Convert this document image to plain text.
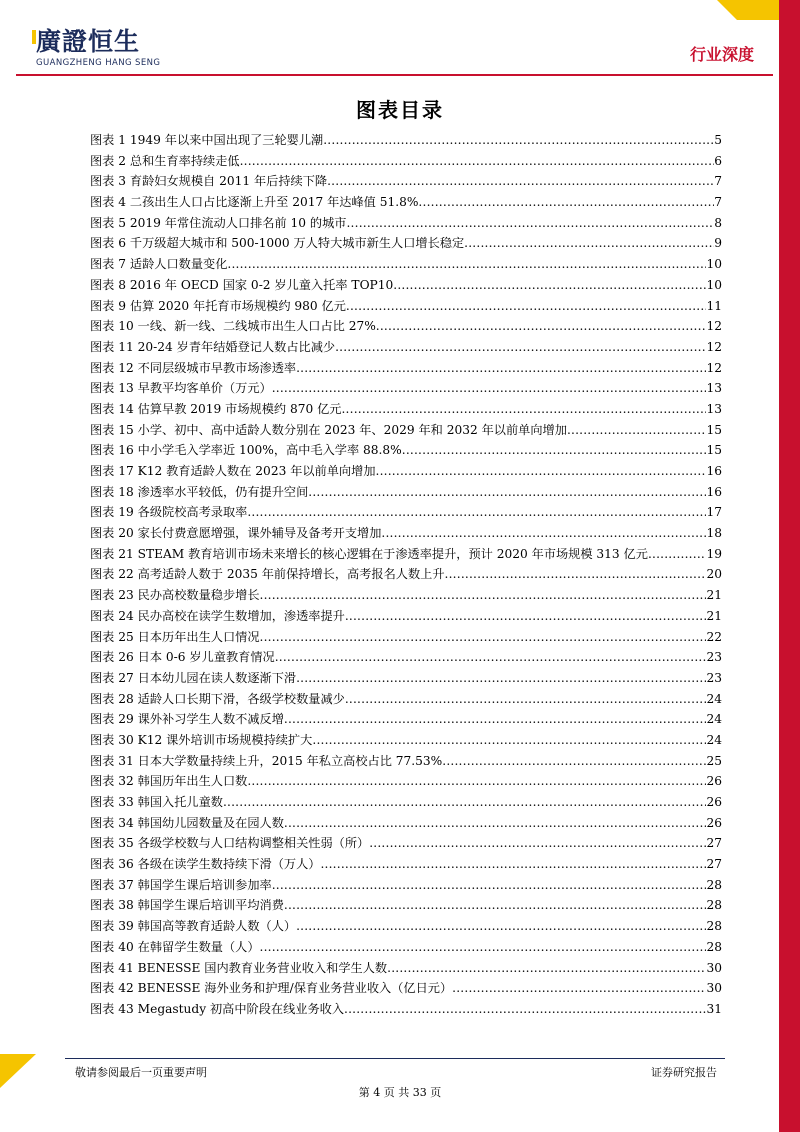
廣證恒生
GUANGZHENG HANG SENG	行业深度
图表目录
图表 1 1949 年以来中国出现了三轮婴儿潮 .....	5
图表 2 总和生育率持续走低 .....	6
图表 3 育龄妇女规模自 2011 年后持续下降 .....	7
图表 4 二孩出生人口占比逐渐上升至 2017 年达峰值 51.8% .....	7
图表 5 2019 年常住流动人口排名前 10 的城市 .....	8
图表 6 千万级超大城市和 500-1000 万人特大城市新生人口增长稳定 .....	9
图表 7 适龄人口数量变化 .....	10
图表 8 2016 年 OECD 国家 0-2 岁儿童入托率 TOP10 .....	10
图表 9 估算 2020 年托育市场规模约 980 亿元 .....	11
图表 10 一线、新一线、二线城市出生人口占比 27% .....	12
图表 11 20-24 岁青年结婚登记人数占比减少 .....	12
图表 12 不同层级城市早教市场渗透率 .....	12
图表 13 早教平均客单价（万元） .....	13
图表 14 估算早教 2019 市场规模约 870 亿元 .....	13
图表 15 小学、初中、高中适龄人数分别在 2023 年、2029 年和 2032 年以前单向增加 .....	15
图表 16 中小学毛入学率近 100%，高中毛入学率 88.8% .....	15
图表 17 K12 教育适龄人数在 2023 年以前单向增加 .....	16
图表 18 渗透率水平较低，仍有提升空间 .....	16
图表 19 各级院校高考录取率 .....	17
图表 20 家长付费意愿增强，课外辅导及备考开支增加 .....	18
图表 21 STEAM 教育培训市场未来增长的核心逻辑在于渗透率提升，预计 2020 年市场规模 313 亿元 .....	19
图表 22 高考适龄人数于 2035 年前保持增长，高考报名人数上升 .....	20
图表 23 民办高校数量稳步增长 .....	21
图表 24 民办高校在读学生数增加，渗透率提升 .....	21
图表 25 日本历年出生人口情况 .....	22
图表 26 日本 0-6 岁儿童教育情况 .....	23
图表 27 日本幼儿园在读人数逐渐下滑 .....	23
图表 28 适龄人口长期下滑，各级学校数量减少 .....	24
图表 29 课外补习学生人数不减反增 .....	24
图表 30 K12 课外培训市场规模持续扩大 .....	24
图表 31 日本大学数量持续上升，2015 年私立高校占比 77.53% .....	25
图表 32 韩国历年出生人口数 .....	26
图表 33 韩国入托儿童数 .....	26
图表 34 韩国幼儿园数量及在园人数 .....	26
图表 35 各级学校数与人口结构调整相关性弱（所） .....	27
图表 36 各级在读学生数持续下滑（万人） .....	27
图表 37 韩国学生课后培训参加率 .....	28
图表 38 韩国学生课后培训平均消费 .....	28
图表 39 韩国高等教育适龄人数（人） .....	28
图表 40 在韩留学生数量（人） .....	28
图表 41 BENESSE 国内教育业务营业收入和学生人数 .....	30
图表 42 BENESSE 海外业务和护理/保育业务营业收入（亿日元） .....	30
图表 43 Megastudy 初高中阶段在线业务收入 .....	31
敬请参阅最后一页重要声明	证券研究报告
第 4 页 共 33 页
